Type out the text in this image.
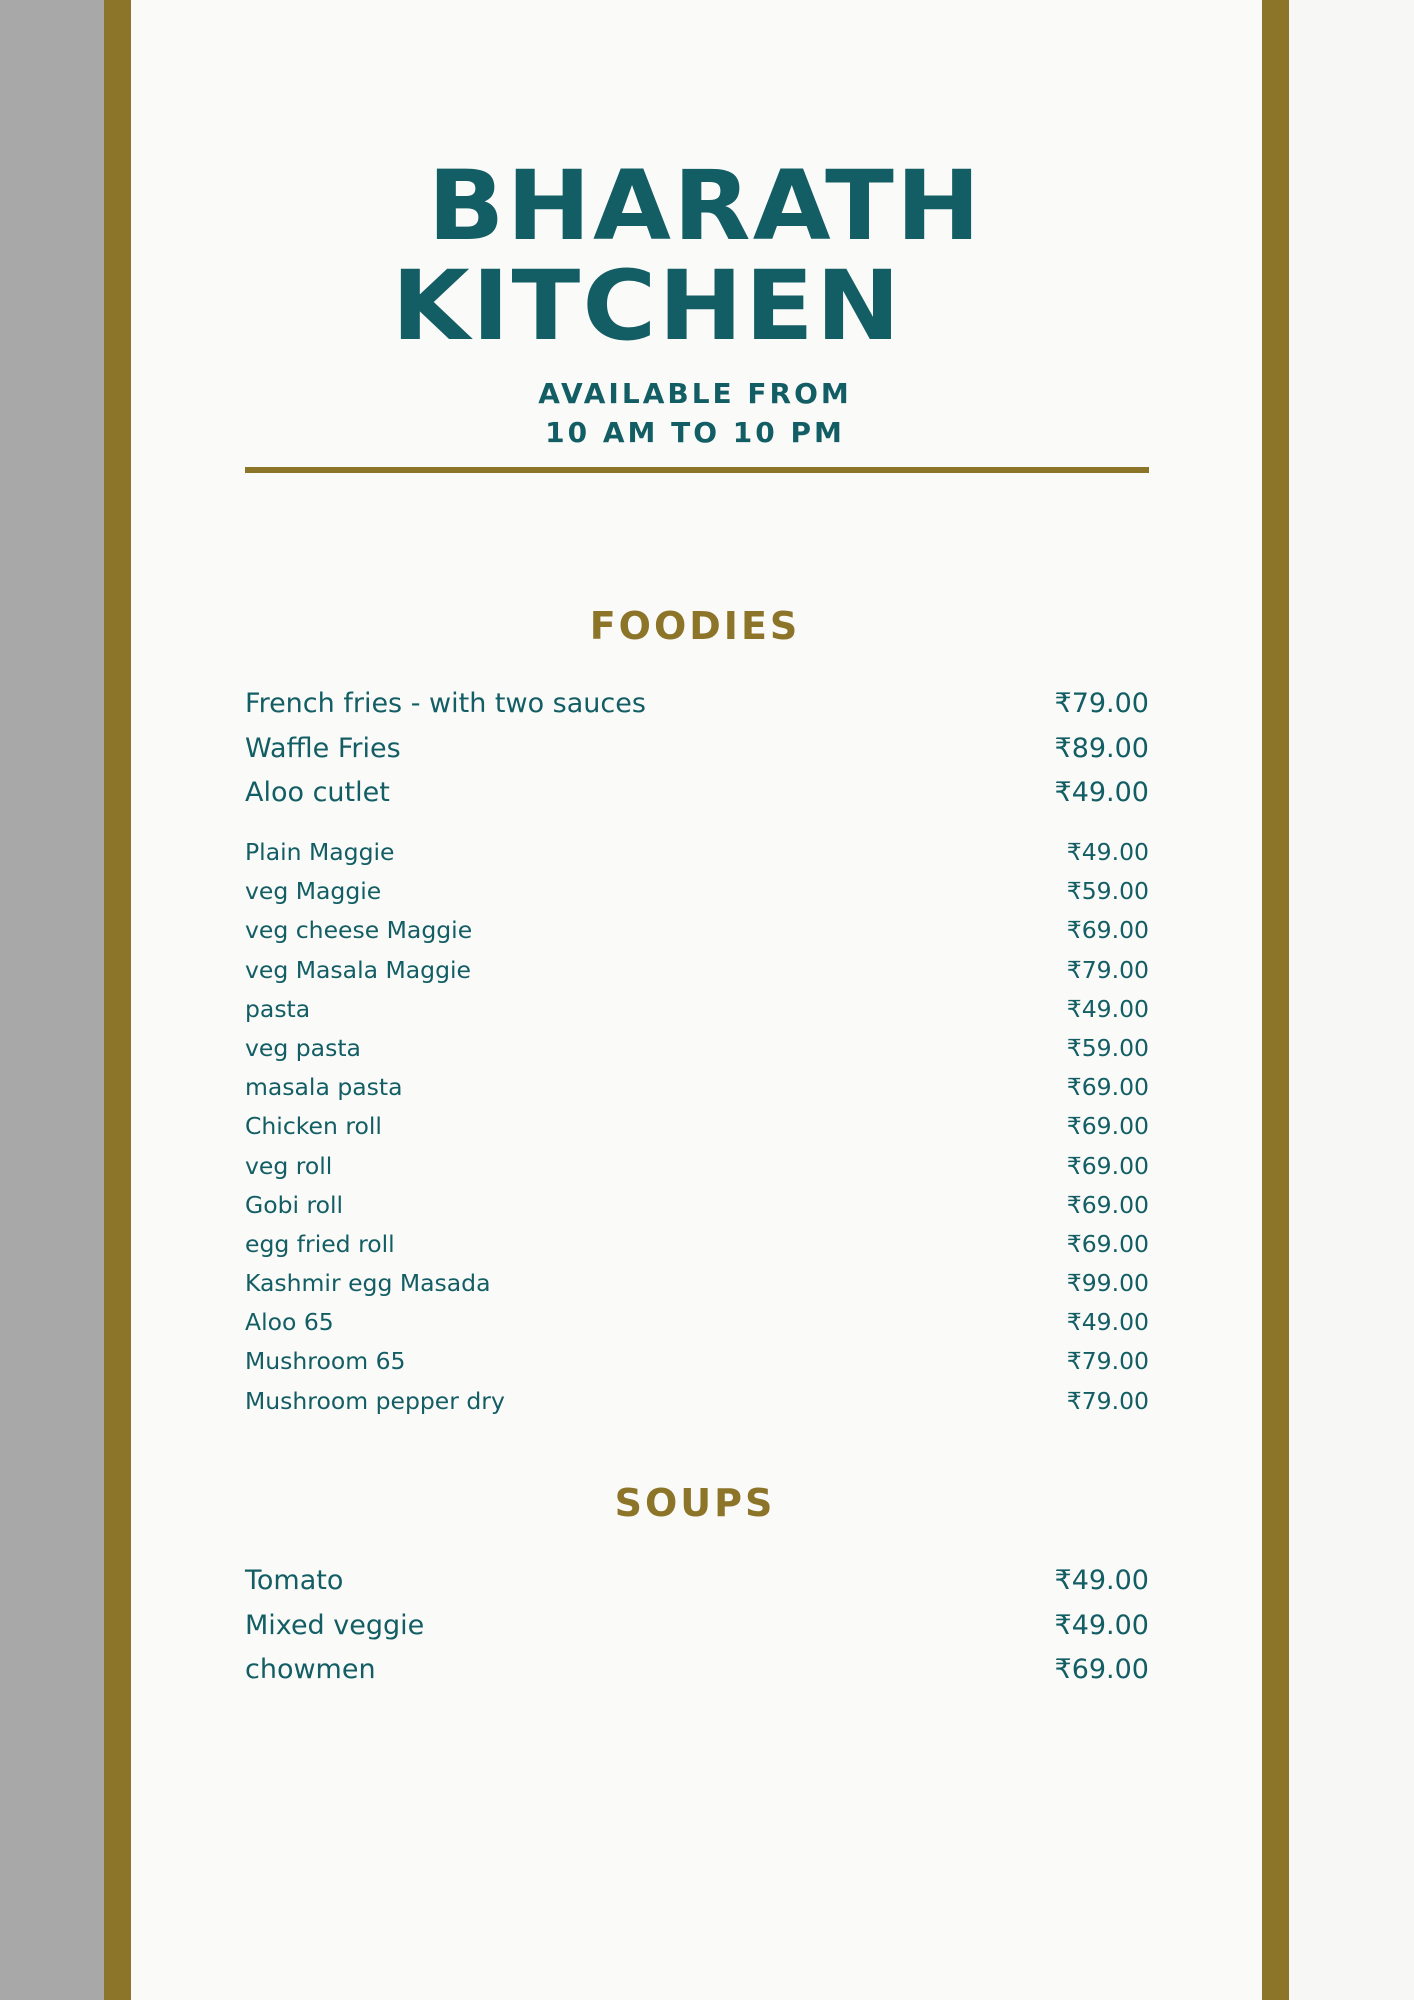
BHARATH
KITCHEN
AVAILABLE FROM
10 AM TO 10 PM
FOODIES
French fries - with two sauces	₹79.00
Waffle Fries	₹89.00
Aloo cutlet	₹49.00
Plain Maggie	₹49.00
veg Maggie	₹59.00
veg cheese Maggie	₹69.00
veg Masala Maggie	₹79.00
pasta	₹49.00
veg pasta	₹59.00
masala pasta	₹69.00
Chicken roll	₹69.00
veg roll	₹69.00
Gobi roll	₹69.00
egg fried roll	₹69.00
Kashmir egg Masada	₹99.00
Aloo 65	₹49.00
Mushroom 65	₹79.00
Mushroom pepper dry	₹79.00
SOUPS
Tomato	₹49.00
Mixed veggie	₹49.00
chowmen	₹69.00
